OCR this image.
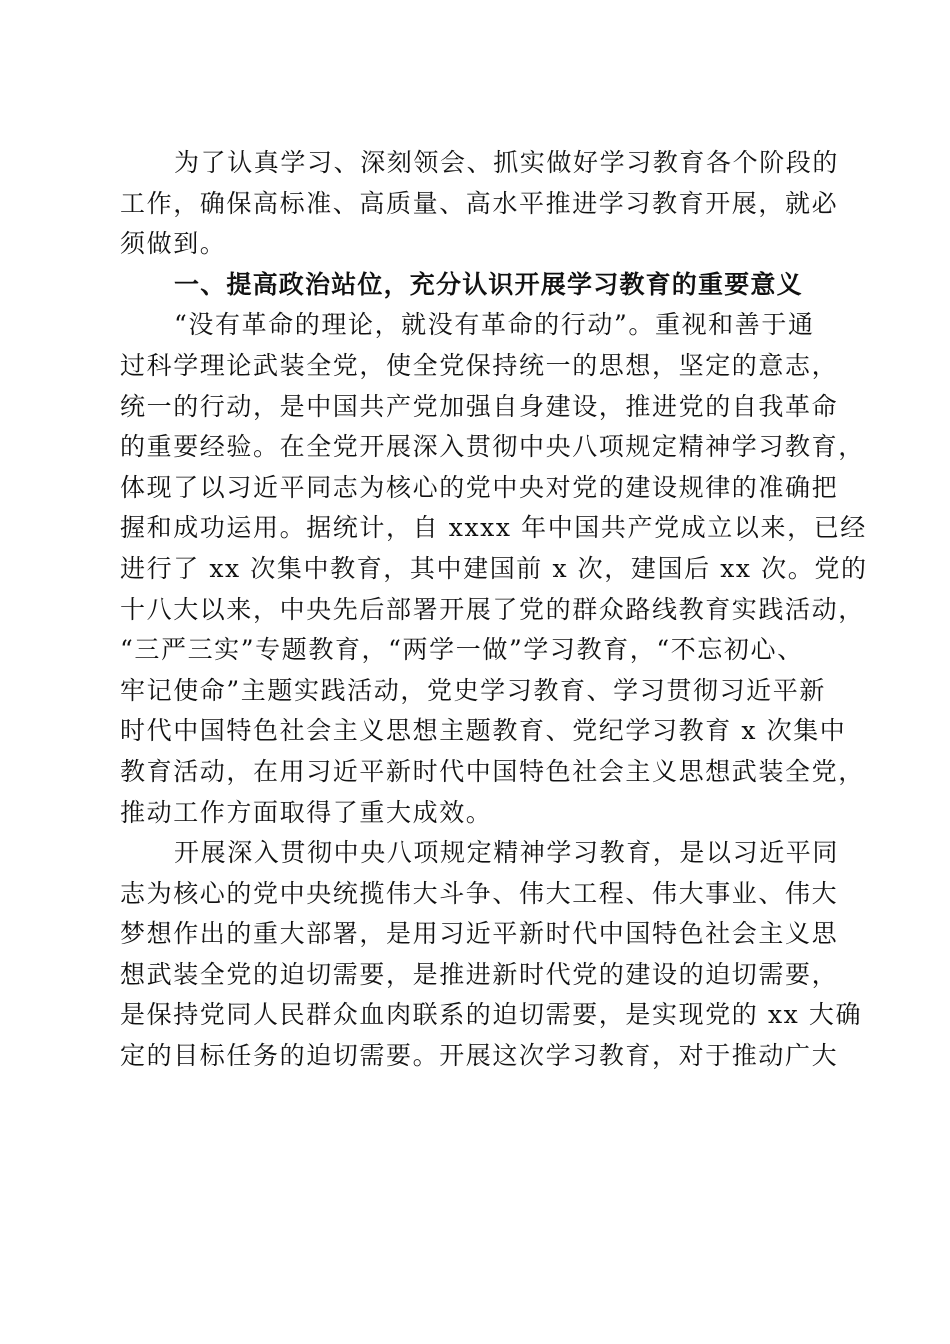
为了认真学习、深刻领会、抓实做好学习教育各个阶段的
工作，确保高标准、高质量、高水平推进学习教育开展，就必
须做到。
一、提高政治站位，充分认识开展学习教育的重要意义
“没有革命的理论，就没有革命的行动”。重视和善于通
过科学理论武装全党，使全党保持统一的思想，坚定的意志，
统一的行动，是中国共产党加强自身建设，推进党的自我革命
的重要经验。在全党开展深入贯彻中央八项规定精神学习教育，
体现了以习近平同志为核心的党中央对党的建设规律的准确把
握和成功运用。据统计，自 xxxx 年中国共产党成立以来，已经
进行了 xx 次集中教育，其中建国前 x 次，建国后 xx 次。党的
十八大以来，中央先后部署开展了党的群众路线教育实践活动，
“三严三实”专题教育，“两学一做”学习教育，“不忘初心、
牢记使命”主题实践活动，党史学习教育、学习贯彻习近平新
时代中国特色社会主义思想主题教育、党纪学习教育 x 次集中
教育活动，在用习近平新时代中国特色社会主义思想武装全党，
推动工作方面取得了重大成效。
开展深入贯彻中央八项规定精神学习教育，是以习近平同
志为核心的党中央统揽伟大斗争、伟大工程、伟大事业、伟大
梦想作出的重大部署，是用习近平新时代中国特色社会主义思
想武装全党的迫切需要，是推进新时代党的建设的迫切需要，
是保持党同人民群众血肉联系的迫切需要，是实现党的 xx 大确
定的目标任务的迫切需要。开展这次学习教育，对于推动广大
